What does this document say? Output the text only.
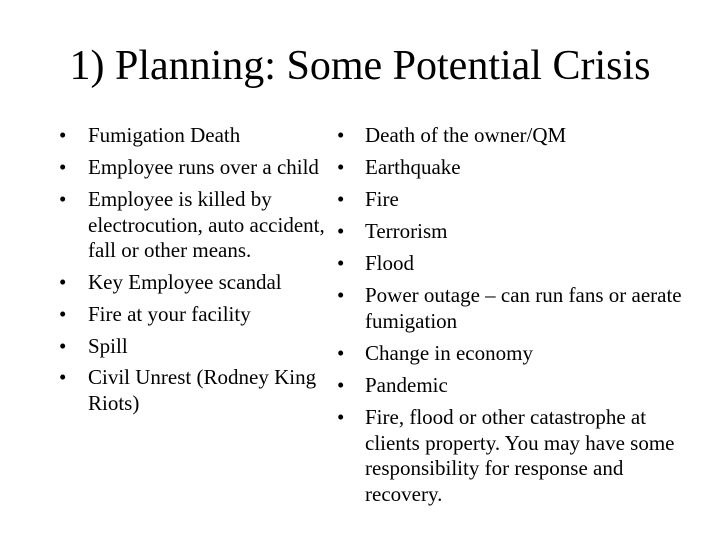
1) Planning: Some Potential Crisis
• Fumigation Death
• Employee runs over a child
• Employee is killed by electrocution, auto accident, fall or other means.
• Key Employee scandal
• Fire at your facility
• Spill
• Civil Unrest (Rodney King Riots)
• Death of the owner/QM
• Earthquake
• Fire
• Terrorism
• Flood
• Power outage – can run fans or aerate fumigation
• Change in economy
• Pandemic
• Fire, flood or other catastrophe at clients property. You may have some responsibility for response and recovery.
